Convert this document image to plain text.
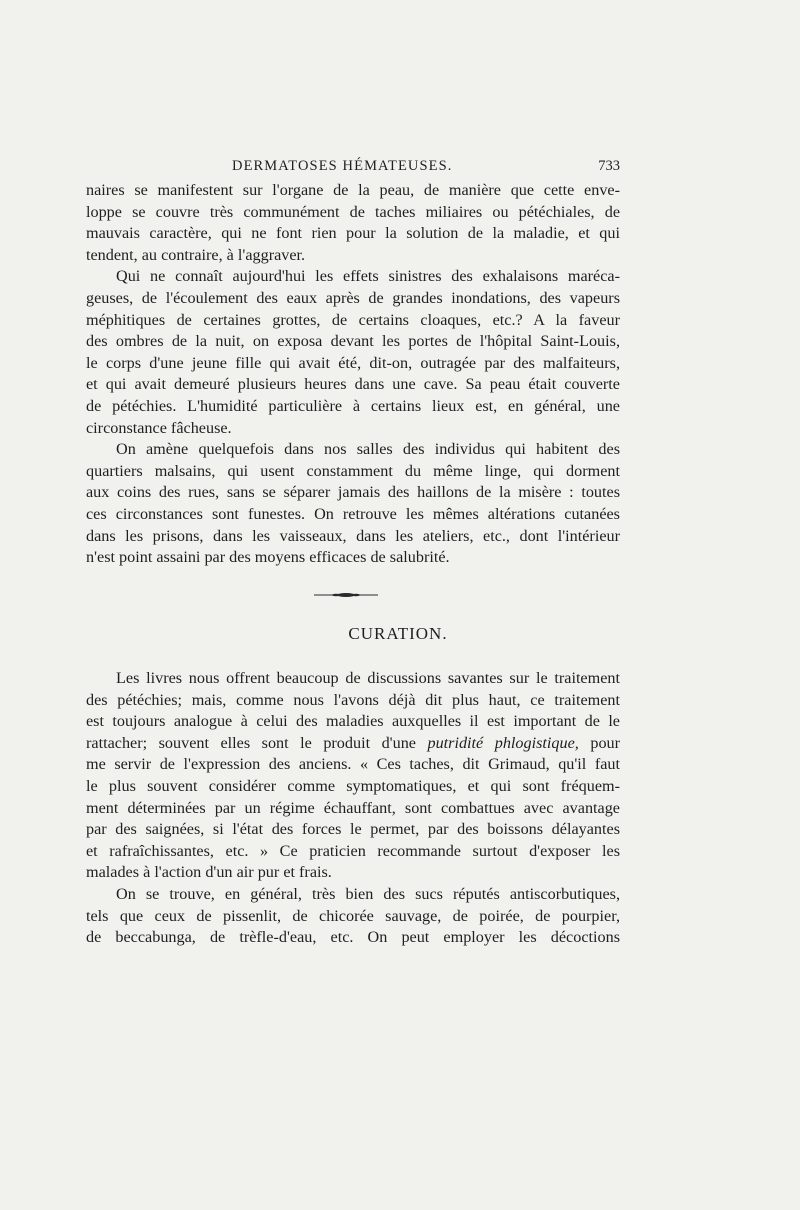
DERMATOSES HÉMATEUSES.	733
naires se manifestent sur l'organe de la peau, de manière que cette enve-
loppe se couvre très communément de taches miliaires ou pétéchiales, de
mauvais caractère, qui ne font rien pour la solution de la maladie, et qui
tendent, au contraire, à l'aggraver.
Qui ne connaît aujourd'hui les effets sinistres des exhalaisons maréca-
geuses, de l'écoulement des eaux après de grandes inondations, des vapeurs
méphitiques de certaines grottes, de certains cloaques, etc.? A la faveur
des ombres de la nuit, on exposa devant les portes de l'hôpital Saint-Louis,
le corps d'une jeune fille qui avait été, dit-on, outragée par des malfaiteurs,
et qui avait demeuré plusieurs heures dans une cave. Sa peau était couverte
de pétéchies. L'humidité particulière à certains lieux est, en général, une
circonstance fâcheuse.
On amène quelquefois dans nos salles des individus qui habitent des
quartiers malsains, qui usent constamment du même linge, qui dorment
aux coins des rues, sans se séparer jamais des haillons de la misère : toutes
ces circonstances sont funestes. On retrouve les mêmes altérations cutanées
dans les prisons, dans les vaisseaux, dans les ateliers, etc., dont l'intérieur
n'est point assaini par des moyens efficaces de salubrité.
CURATION.
Les livres nous offrent beaucoup de discussions savantes sur le traitement
des pétéchies; mais, comme nous l'avons déjà dit plus haut, ce traitement
est toujours analogue à celui des maladies auxquelles il est important de le
rattacher; souvent elles sont le produit d'une putridité phlogistique, pour
me servir de l'expression des anciens. « Ces taches, dit Grimaud, qu'il faut
le plus souvent considérer comme symptomatiques, et qui sont fréquem-
ment déterminées par un régime échauffant, sont combattues avec avantage
par des saignées, si l'état des forces le permet, par des boissons délayantes
et rafraîchissantes, etc. » Ce praticien recommande surtout d'exposer les
malades à l'action d'un air pur et frais.
On se trouve, en général, très bien des sucs réputés antiscorbutiques,
tels que ceux de pissenlit, de chicorée sauvage, de poirée, de pourpier,
de beccabunga, de trèfle-d'eau, etc. On peut employer les décoctions
